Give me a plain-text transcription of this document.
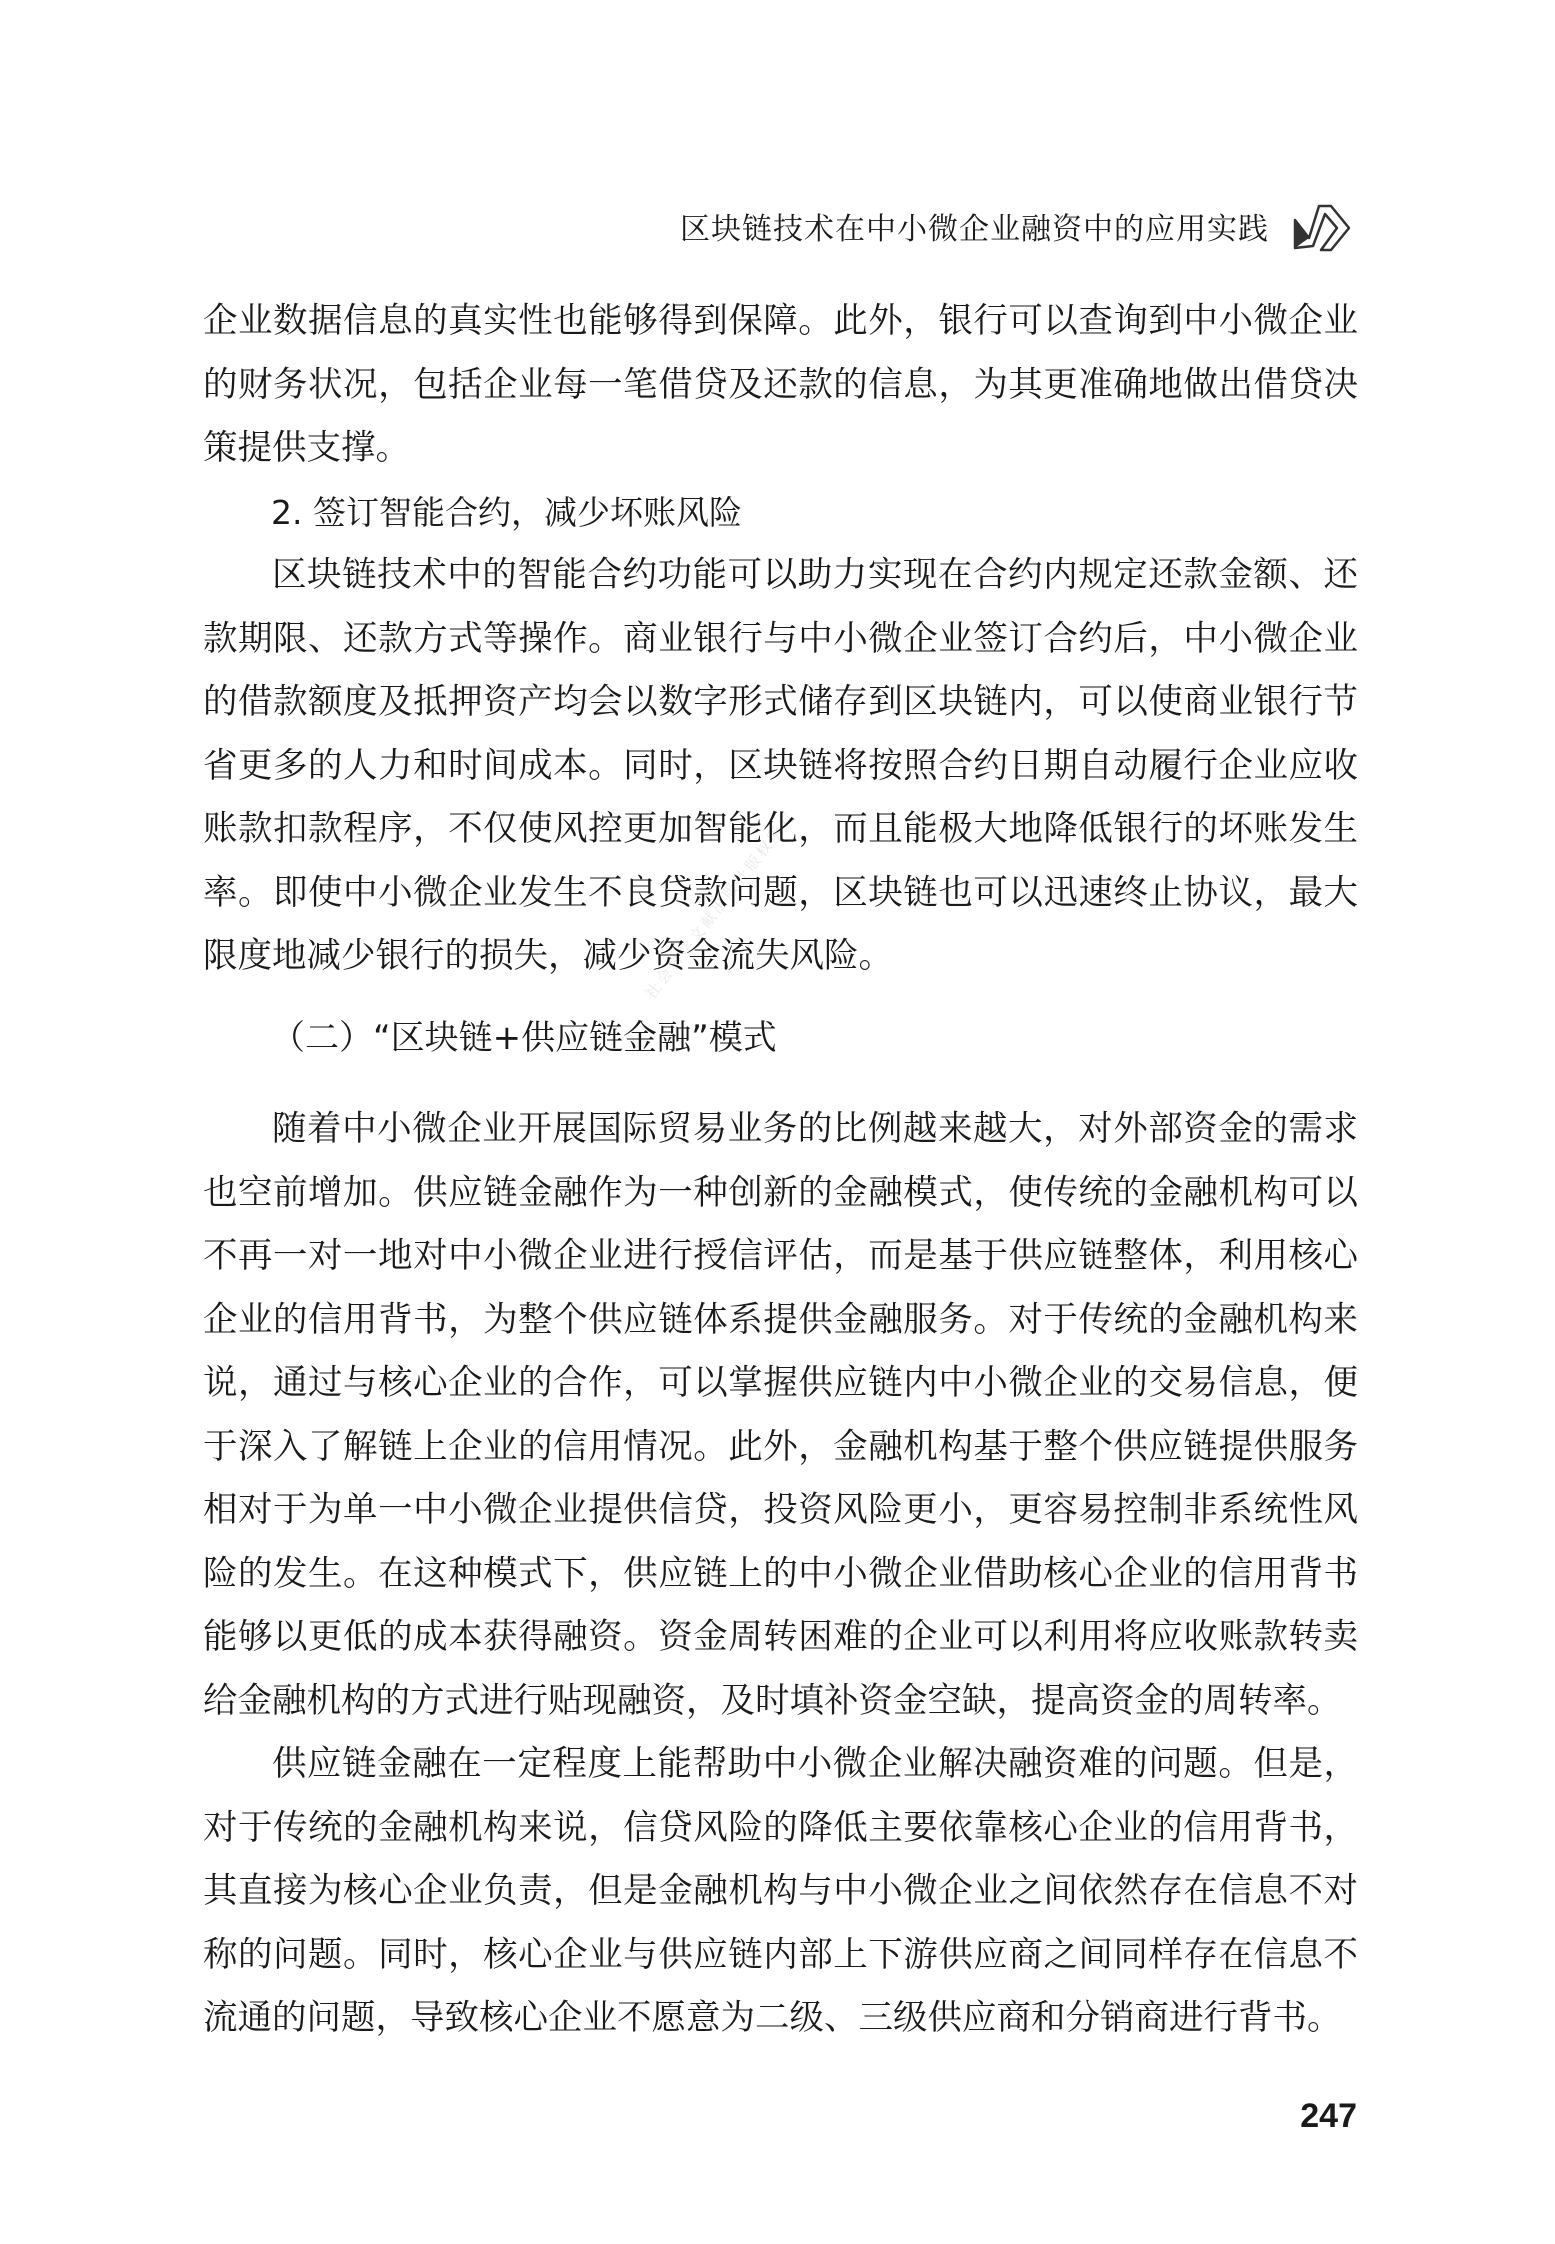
区块链技术在中小微企业融资中的应用实践
社会科学文献出版社版权所有

企业数据信息的真实性也能够得到保障。此外，银行可以查询到中小微企业的财务状况，包括企业每一笔借贷及还款的信息，为其更准确地做出借贷决策提供支撑。

2. 签订智能合约，减少坏账风险

区块链技术中的智能合约功能可以助力实现在合约内规定还款金额、还款期限、还款方式等操作。商业银行与中小微企业签订合约后，中小微企业的借款额度及抵押资产均会以数字形式储存到区块链内，可以使商业银行节省更多的人力和时间成本。同时，区块链将按照合约日期自动履行企业应收账款扣款程序，不仅使风控更加智能化，而且能极大地降低银行的坏账发生率。即使中小微企业发生不良贷款问题，区块链也可以迅速终止协议，最大限度地减少银行的损失，减少资金流失风险。

（二）“区块链+供应链金融”模式

随着中小微企业开展国际贸易业务的比例越来越大，对外部资金的需求也空前增加。供应链金融作为一种创新的金融模式，使传统的金融机构可以不再一对一地对中小微企业进行授信评估，而是基于供应链整体，利用核心企业的信用背书，为整个供应链体系提供金融服务。对于传统的金融机构来说，通过与核心企业的合作，可以掌握供应链内中小微企业的交易信息，便于深入了解链上企业的信用情况。此外，金融机构基于整个供应链提供服务相对于为单一中小微企业提供信贷，投资风险更小，更容易控制非系统性风险的发生。在这种模式下，供应链上的中小微企业借助核心企业的信用背书能够以更低的成本获得融资。资金周转困难的企业可以利用将应收账款转卖给金融机构的方式进行贴现融资，及时填补资金空缺，提高资金的周转率。

供应链金融在一定程度上能帮助中小微企业解决融资难的问题。但是，对于传统的金融机构来说，信贷风险的降低主要依靠核心企业的信用背书，其直接为核心企业负责，但是金融机构与中小微企业之间依然存在信息不对称的问题。同时，核心企业与供应链内部上下游供应商之间同样存在信息不流通的问题，导致核心企业不愿意为二级、三级供应商和分销商进行背书。

247
